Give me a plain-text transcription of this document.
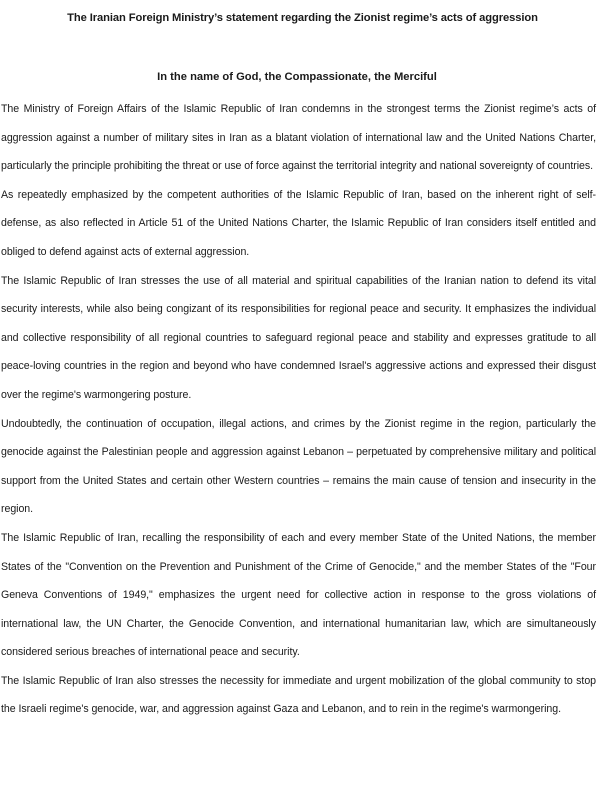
The Iranian Foreign Ministry’s statement regarding the Zionist regime’s acts of aggression
In the name of God, the Compassionate, the Merciful

The Ministry of Foreign Affairs of the Islamic Republic of Iran condemns in the strongest terms the Zionist regime’s acts of aggression against a number of military sites in Iran as a blatant violation of international law and the United Nations Charter, particularly the principle prohibiting the threat or use of force against the territorial integrity and national sovereignty of countries.

As repeatedly emphasized by the competent authorities of the Islamic Republic of Iran, based on the inherent right of self-defense, as also reflected in Article 51 of the United Nations Charter, the Islamic Republic of Iran considers itself entitled and obliged to defend against acts of external aggression.

The Islamic Republic of Iran stresses the use of all material and spiritual capabilities of the Iranian nation to defend its vital security interests, while also being congizant of its responsibilities for regional peace and security. It emphasizes the individual and collective responsibility of all regional countries to safeguard regional peace and stability and expresses gratitude to all peace-loving countries in the region and beyond who have condemned Israel's aggressive actions and expressed their disgust over the regime's warmongering posture.

Undoubtedly, the continuation of occupation, illegal actions, and crimes by the Zionist regime in the region, particularly the genocide against the Palestinian people and aggression against Lebanon – perpetuated by comprehensive military and political support from the United States and certain other Western countries – remains the main cause of tension and insecurity in the region.

The Islamic Republic of Iran, recalling the responsibility of each and every member State of the United Nations, the member States of the "Convention on the Prevention and Punishment of the Crime of Genocide," and the member States of the "Four Geneva Conventions of 1949," emphasizes the urgent need for collective action in response to the gross violations of international law, the UN Charter, the Genocide Convention, and international humanitarian law, which are simultaneously considered serious breaches of international peace and security.

The Islamic Republic of Iran also stresses the necessity for immediate and urgent mobilization of the global community to stop the Israeli regime's genocide, war, and aggression against Gaza and Lebanon, and to rein in the regime's warmongering.
